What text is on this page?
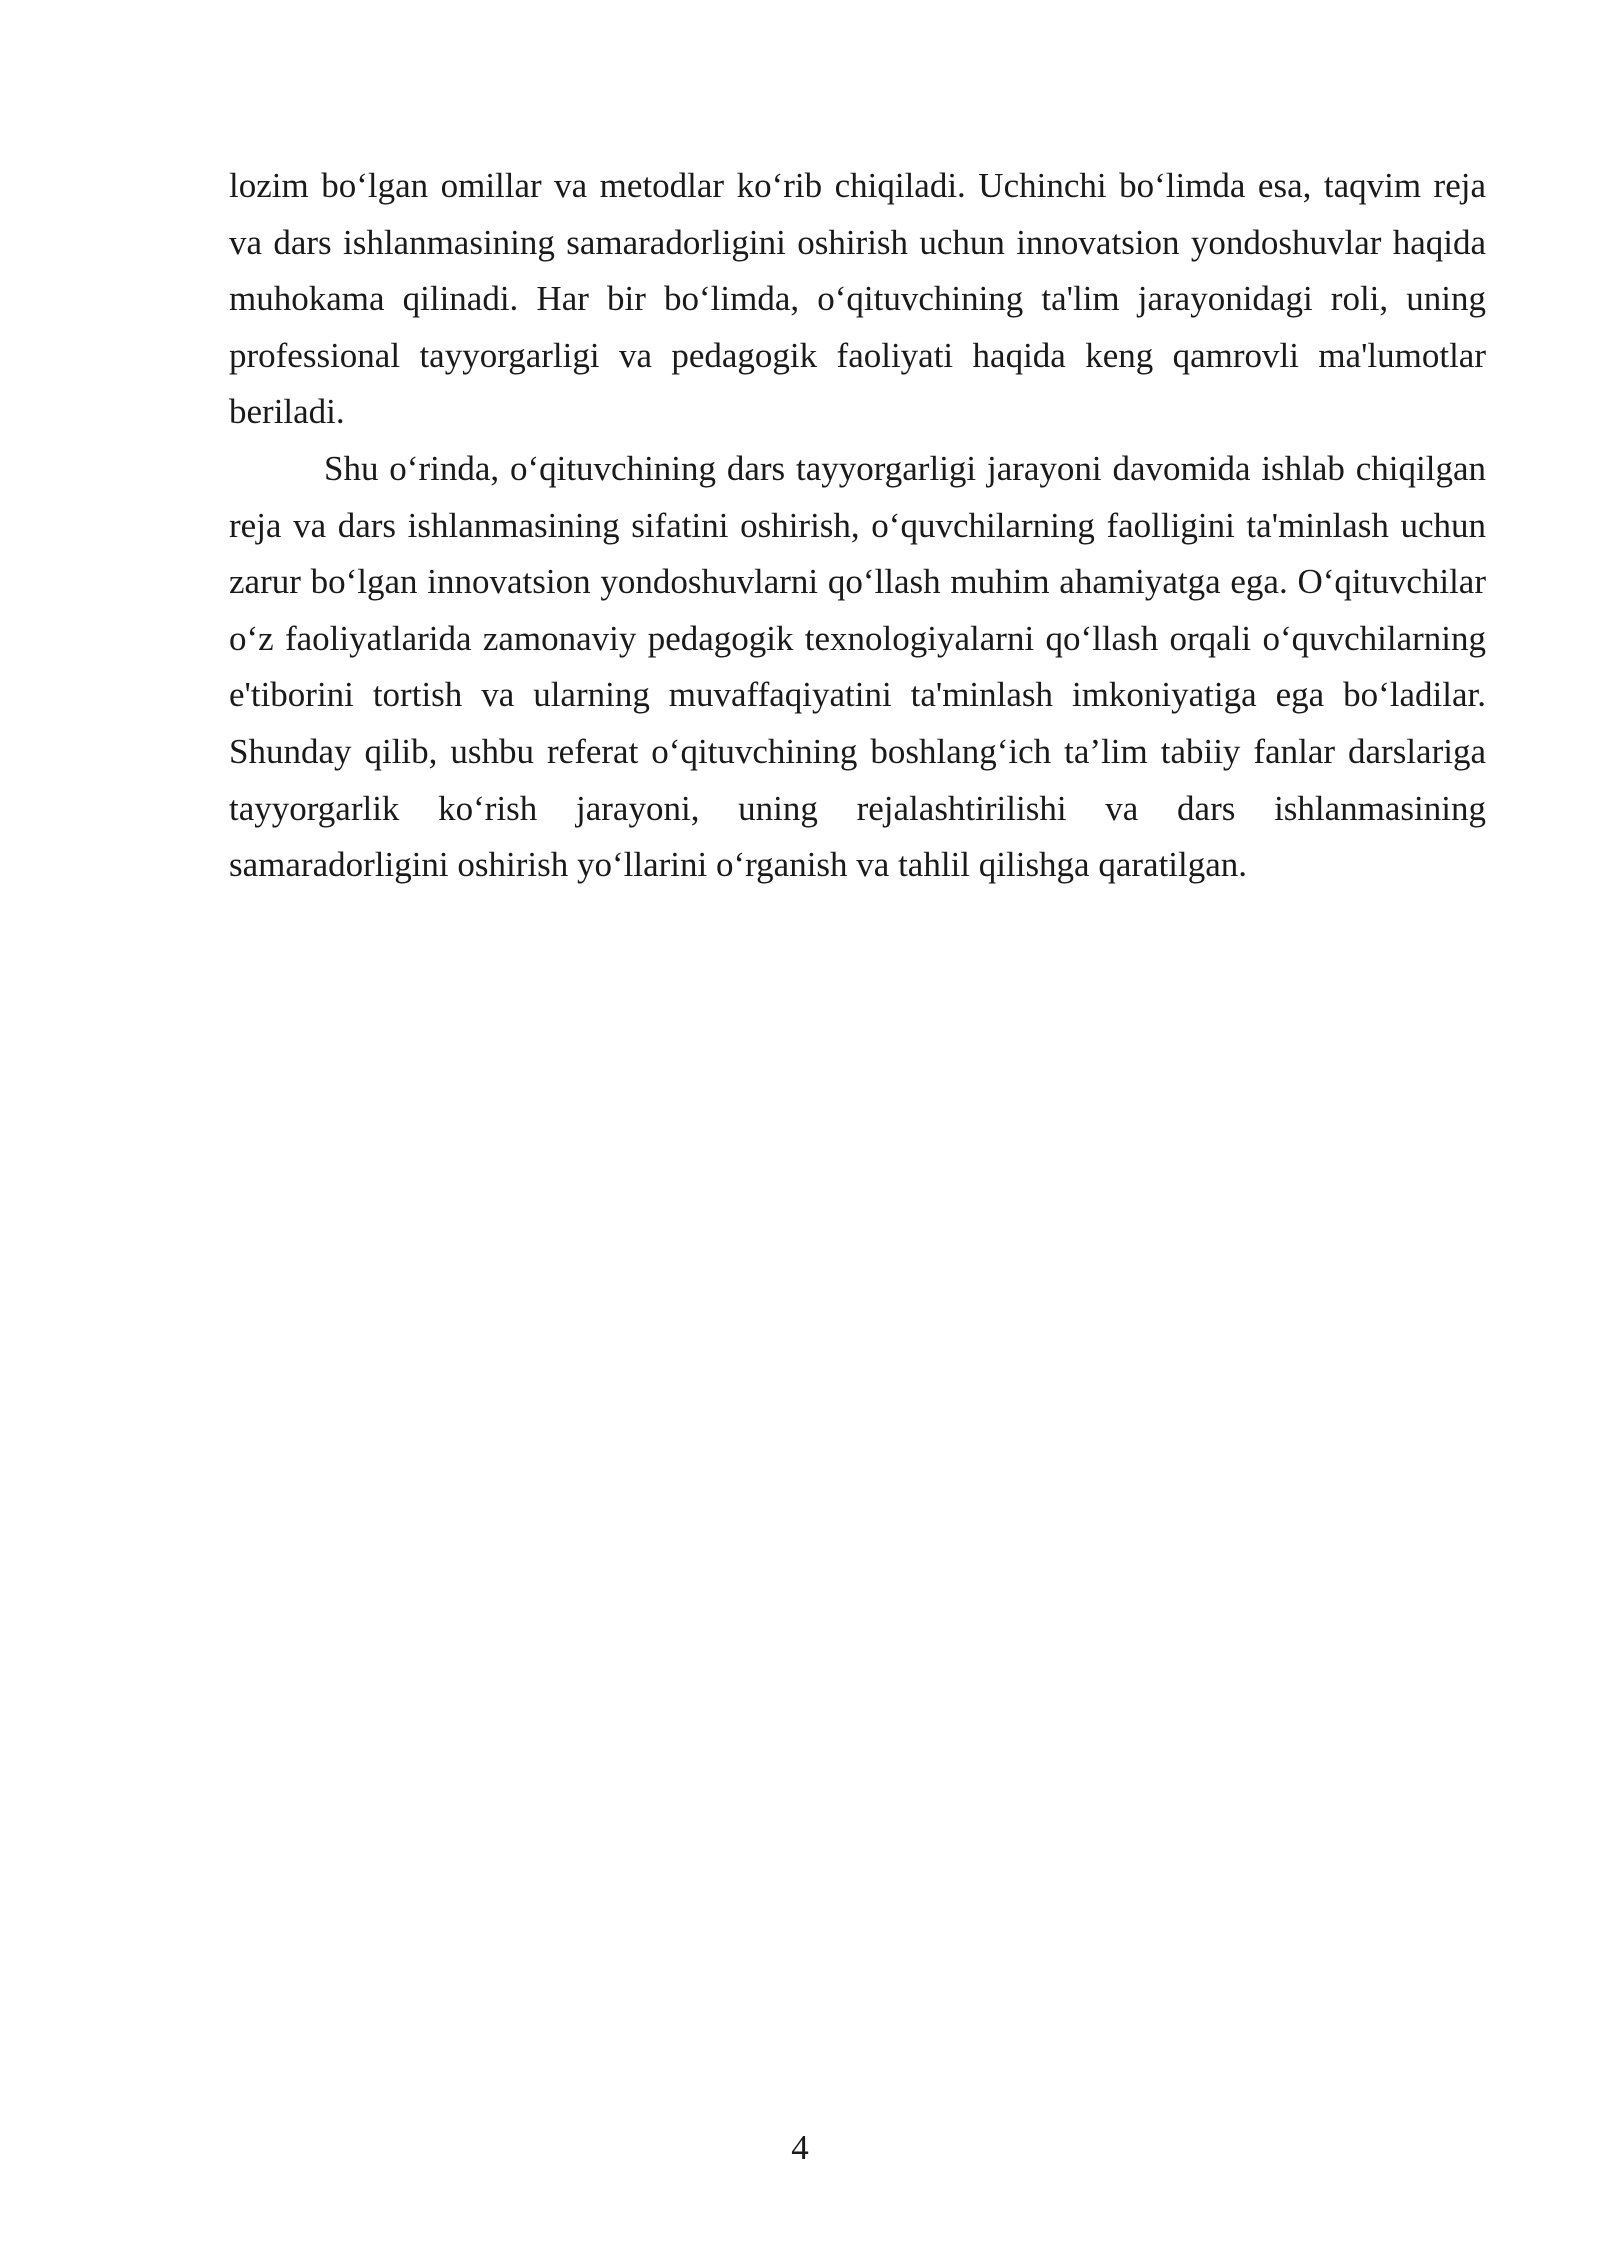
lozim bo‘lgan omillar va metodlar ko‘rib chiqiladi. Uchinchi bo‘limda esa, taqvim reja va dars ishlanmasining samaradorligini oshirish uchun innovatsion yondoshuvlar haqida muhokama qilinadi. Har bir bo‘limda, o‘qituvchining ta'lim jarayonidagi roli, uning professional tayyorgarligi va pedagogik faoliyati haqida keng qamrovli ma'lumotlar beriladi.

Shu o‘rinda, o‘qituvchining dars tayyorgarligi jarayoni davomida ishlab chiqilgan reja va dars ishlanmasining sifatini oshirish, o‘quvchilarning faolligini ta'minlash uchun zarur bo‘lgan innovatsion yondoshuvlarni qo‘llash muhim ahamiyatga ega. O‘qituvchilar o‘z faoliyatlarida zamonaviy pedagogik texnologiyalarni qo‘llash orqali o‘quvchilarning e'tiborini tortish va ularning muvaffaqiyatini ta'minlash imkoniyatiga ega bo‘ladilar. Shunday qilib, ushbu referat o‘qituvchining boshlang‘ich ta’lim tabiiy fanlar darslariga tayyorgarlik ko‘rish jarayoni, uning rejalashtirilishi va dars ishlanmasining samaradorligini oshirish yo‘llarini o‘rganish va tahlil qilishga qaratilgan.

4
